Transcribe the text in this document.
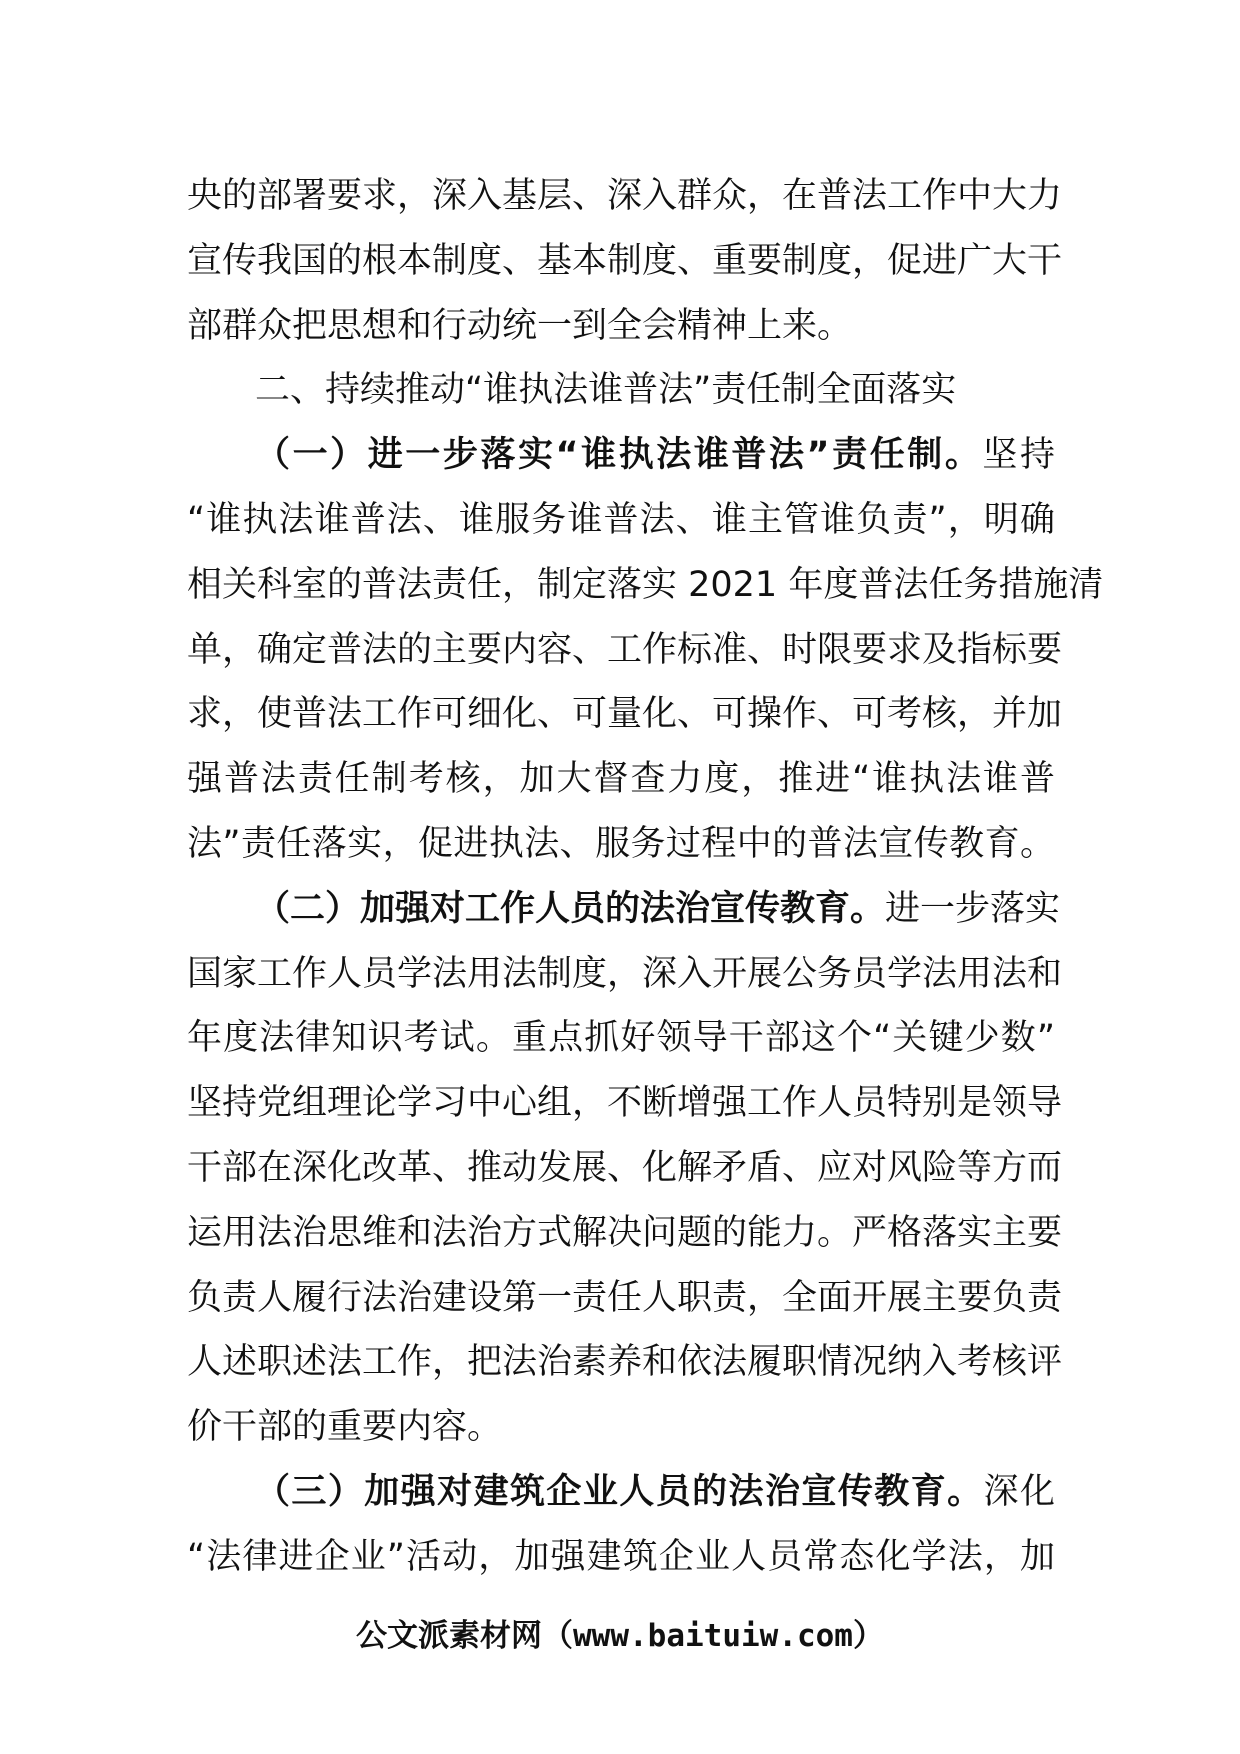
央的部署要求，深入基层、深入群众，在普法工作中大力
宣传我国的根本制度、基本制度、重要制度，促进广大干
部群众把思想和行动统一到全会精神上来。
二、持续推动“谁执法谁普法”责任制全面落实
（一）进一步落实“谁执法谁普法”责任制。坚持
“谁执法谁普法、谁服务谁普法、谁主管谁负责”，明确
相关科室的普法责任，制定落实 2021 年度普法任务措施清
单，确定普法的主要内容、工作标准、时限要求及指标要
求，使普法工作可细化、可量化、可操作、可考核，并加
强普法责任制考核，加大督查力度，推进“谁执法谁普
法”责任落实，促进执法、服务过程中的普法宣传教育。
（二）加强对工作人员的法治宣传教育。进一步落实
国家工作人员学法用法制度，深入开展公务员学法用法和
年度法律知识考试。重点抓好领导干部这个“关键少数”
坚持党组理论学习中心组，不断增强工作人员特别是领导
干部在深化改革、推动发展、化解矛盾、应对风险等方而
运用法治思维和法治方式解决问题的能力。严格落实主要
负责人履行法治建设第一责任人职责，全面开展主要负责
人述职述法工作，把法治素养和依法履职情况纳入考核评
价干部的重要内容。
（三）加强对建筑企业人员的法治宣传教育。深化
“法律进企业”活动，加强建筑企业人员常态化学法，加
公文派素材网（www.baituiw.com）
